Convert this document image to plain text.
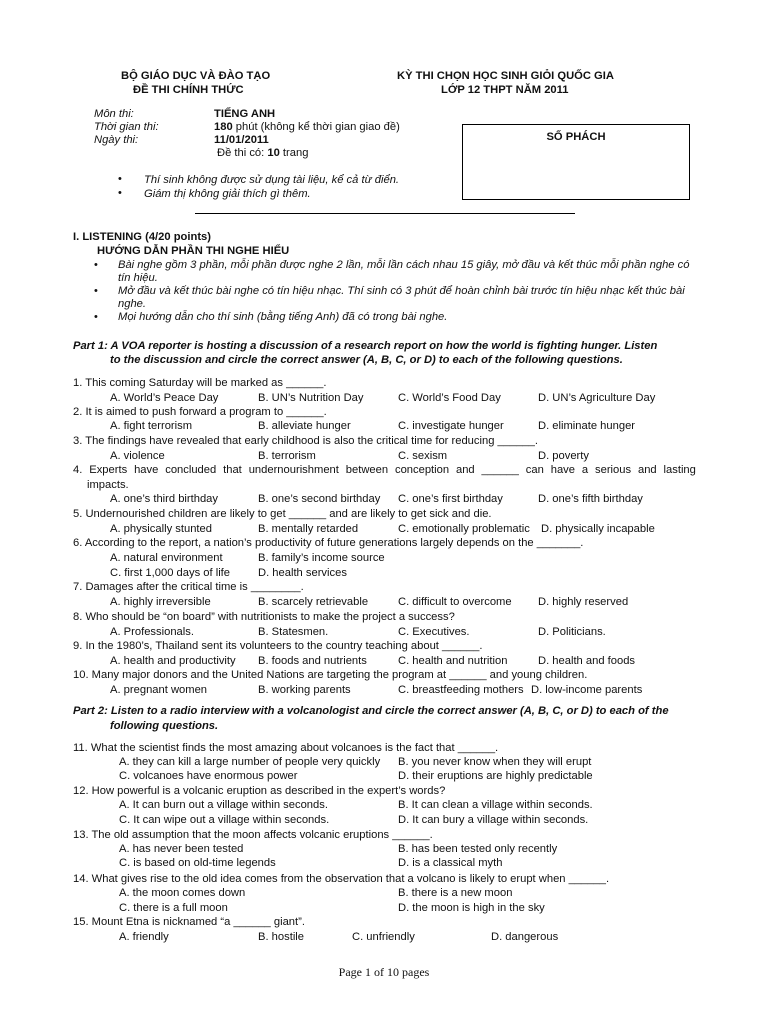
BỘ GIÁO DỤC VÀ ĐÀO TẠO
ĐỀ THI CHÍNH THỨC
KỲ THI CHỌN HỌC SINH GIỎI QUỐC GIA
LỚP 12 THPT NĂM 2011
Môn thi:	TIẾNG ANH
Thời gian thi:	180 phút (không kể thời gian giao đề)
Ngày thi:	11/01/2011
Đề thi có: 10 trang
SỐ PHÁCH
• Thí sinh không được sử dụng tài liệu, kể cả từ điển.
• Giám thị không giải thích gì thêm.
I. LISTENING (4/20 points)
HƯỚNG DẪN PHẦN THI NGHE HIỂU
• Bài nghe gồm 3 phần, mỗi phần được nghe 2 lần, mỗi lần cách nhau 15 giây, mở đầu và kết thúc mỗi phần nghe có tín hiệu.
• Mở đầu và kết thúc bài nghe có tín hiệu nhạc. Thí sinh có 3 phút để hoàn chỉnh bài trước tín hiệu nhạc kết thúc bài nghe.
• Mọi hướng dẫn cho thí sinh (bằng tiếng Anh) đã có trong bài nghe.
Part 1: A VOA reporter is hosting a discussion of a research report on how the world is fighting hunger. Listen
to the discussion and circle the correct answer (A, B, C, or D) to each of the following questions.
1. This coming Saturday will be marked as ______.
A. World’s Peace Day	B. UN’s Nutrition Day	C. World’s Food Day	D. UN’s Agriculture Day
2. It is aimed to push forward a program to ______.
A. fight terrorism	B. alleviate hunger	C. investigate hunger	D. eliminate hunger
3. The findings have revealed that early childhood is also the critical time for reducing ______.
A. violence	B. terrorism	C. sexism	D. poverty
4. Experts have concluded that undernourishment between conception and ______ can have a serious and lasting
impacts.
A. one’s third birthday	B. one’s second birthday C. one’s first birthday	D. one’s fifth birthday
5. Undernourished children are likely to get ______ and are likely to get sick and die.
A. physically stunted	B. mentally retarded	C. emotionally problematic D. physically incapable
6. According to the report, a nation’s productivity of future generations largely depends on the _______.
A. natural environment	B. family’s income source
C. first 1,000 days of life D. health services
7. Damages after the critical time is ________.
A. highly irreversible	B. scarcely retrievable	C. difficult to overcome D. highly reserved
8. Who should be “on board” with nutritionists to make the project a success?
A. Professionals.	B. Statesmen.	C. Executives.	D. Politicians.
9. In the 1980’s, Thailand sent its volunteers to the country teaching about ______.
A. health and productivity B. foods and nutrients	C. health and nutrition	D. health and foods
10. Many major donors and the United Nations are targeting the program at ______ and young children.
A. pregnant women	B. working parents	C. breastfeeding mothers D. low-income parents
Part 2: Listen to a radio interview with a volcanologist and circle the correct answer (A, B, C, or D) to each of the
following questions.
11. What the scientist finds the most amazing about volcanoes is the fact that ______.
A. they can kill a large number of people very quickly B. you never know when they will erupt
C. volcanoes have enormous power	D. their eruptions are highly predictable
12. How powerful is a volcanic eruption as described in the expert’s words?
A. It can burn out a village within seconds.	B. It can clean a village within seconds.
C. It can wipe out a village within seconds.	D. It can bury a village within seconds.
13. The old assumption that the moon affects volcanic eruptions ______.
A. has never been tested	B. has been tested only recently
C. is based on old-time legends	D. is a classical myth
14. What gives rise to the old idea comes from the observation that a volcano is likely to erupt when ______.
A. the moon comes down	B. there is a new moon
C. there is a full moon	D. the moon is high in the sky
15. Mount Etna is nicknamed “a ______ giant”.
A. friendly	B. hostile	C. unfriendly	D. dangerous
Page 1 of 10 pages
